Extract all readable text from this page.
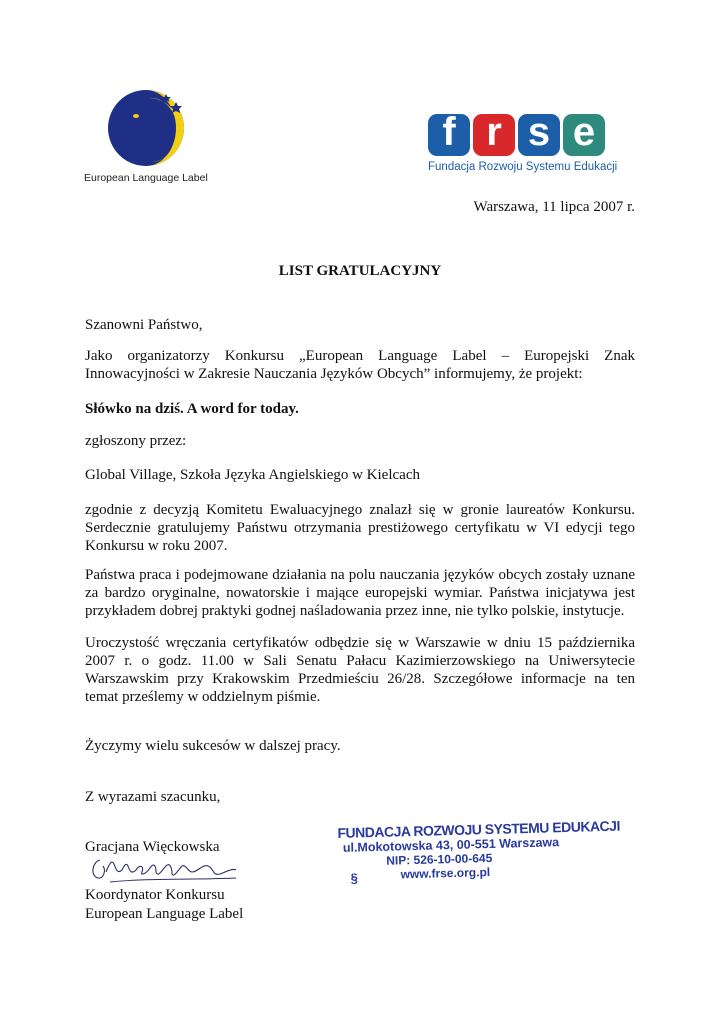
European Language Label
f r s e
Fundacja Rozwoju Systemu Edukacji
Warszawa, 11 lipca 2007 r.
LIST GRATULACYJNY
Szanowni Państwo,
Jako organizatorzy Konkursu „European Language Label – Europejski Znak Innowacyjności w Zakresie Nauczania Języków Obcych” informujemy, że projekt:
Słówko na dziś. A word for today.
zgłoszony przez:
Global Village, Szkoła Języka Angielskiego w Kielcach
zgodnie z decyzją Komitetu Ewaluacyjnego znalazł się w gronie laureatów Konkursu. Serdecznie gratulujemy Państwu otrzymania prestiżowego certyfikatu w VI edycji tego Konkursu w roku 2007.
Państwa praca i podejmowane działania na polu nauczania języków obcych zostały uznane za bardzo oryginalne, nowatorskie i mające europejski wymiar. Państwa inicjatywa jest przykładem dobrej praktyki godnej naśladowania przez inne, nie tylko polskie, instytucje.
Uroczystość wręczania certyfikatów odbędzie się w Warszawie w dniu 15 października 2007 r. o godz. 11.00 w Sali Senatu Pałacu Kazimierzowskiego na Uniwersytecie Warszawskim przy Krakowskim Przedmieściu 26/28. Szczegółowe informacje na ten temat prześlemy w oddzielnym piśmie.
Życzymy wielu sukcesów w dalszej pracy.
Z wyrazami szacunku,
Gracjana Więckowska
Koordynator Konkursu
European Language Label
FUNDACJA ROZWOJU SYSTEMU EDUKACJI
ul.Mokotowska 43, 00-551 Warszawa
NIP: 526-10-00-645
www.frse.org.pl
§
